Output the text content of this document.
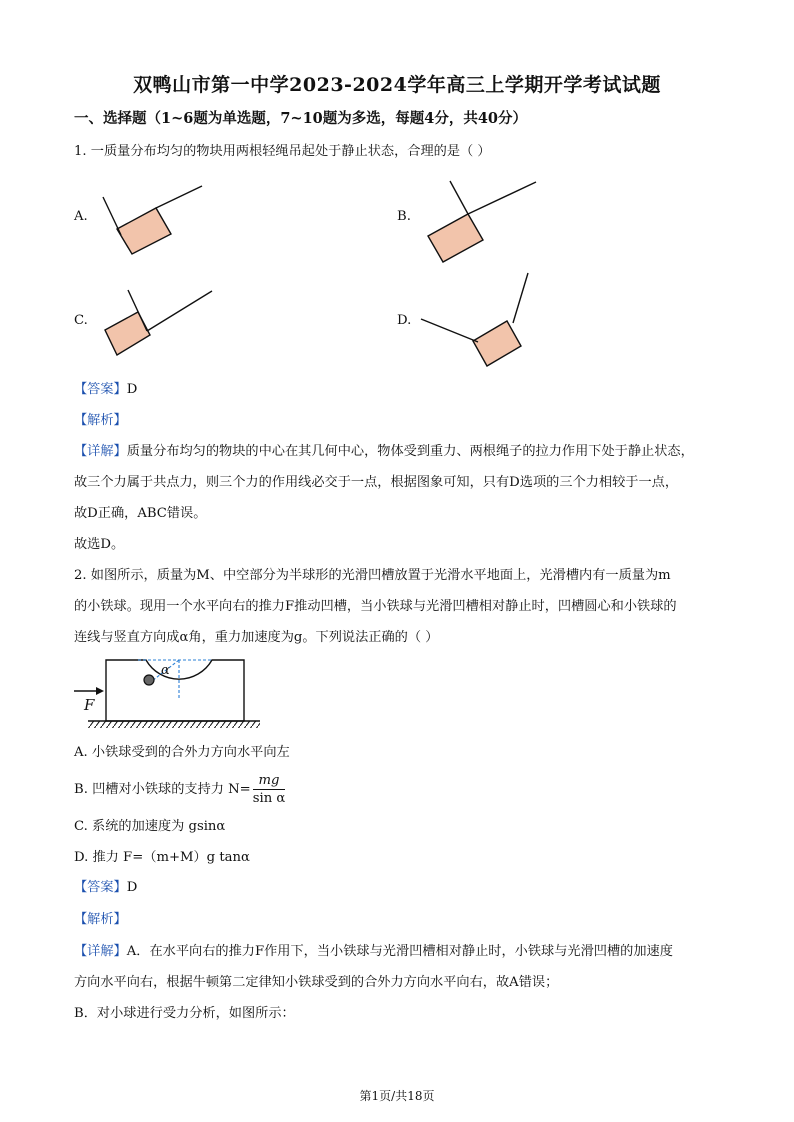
双鸭山市第一中学2023-2024学年高三上学期开学考试试题
一、选择题（1~6题为单选题，7~10题为多选，每题4分，共40分）
1. 一质量分布均匀的物块用两根轻绳吊起处于静止状态，合理的是（ ）
A.	B.
C.	D.
【答案】D
【解析】
【详解】质量分布均匀的物块的中心在其几何中心，物体受到重力、两根绳子的拉力作用下处于静止状态，
故三个力属于共点力，则三个力的作用线必交于一点，根据图象可知，只有D选项的三个力相较于一点，
故D正确，ABC错误。
故选D。
2. 如图所示，质量为M、中空部分为半球形的光滑凹槽放置于光滑水平地面上，光滑槽内有一质量为m
的小铁球。现用一个水平向右的推力F推动凹槽，当小铁球与光滑凹槽相对静止时，凹槽圆心和小铁球的
连线与竖直方向成α角，重力加速度为g。下列说法正确的（ ）
F
α
A. 小铁球受到的合外力方向水平向左
B. 凹槽对小铁球的支持力 $N= \frac{mg}{\text{sin α}}$
C. 系统的加速度为 gsinα
D. 推力 F=（m+M）g tanα
【答案】D
【解析】
【详解】A．在水平向右的推力F作用下，当小铁球与光滑凹槽相对静止时，小铁球与光滑凹槽的加速度
方向水平向右，根据牛顿第二定律知小铁球受到的合外力方向水平向右，故A错误；
B．对小球进行受力分析，如图所示：
第1页/共18页
